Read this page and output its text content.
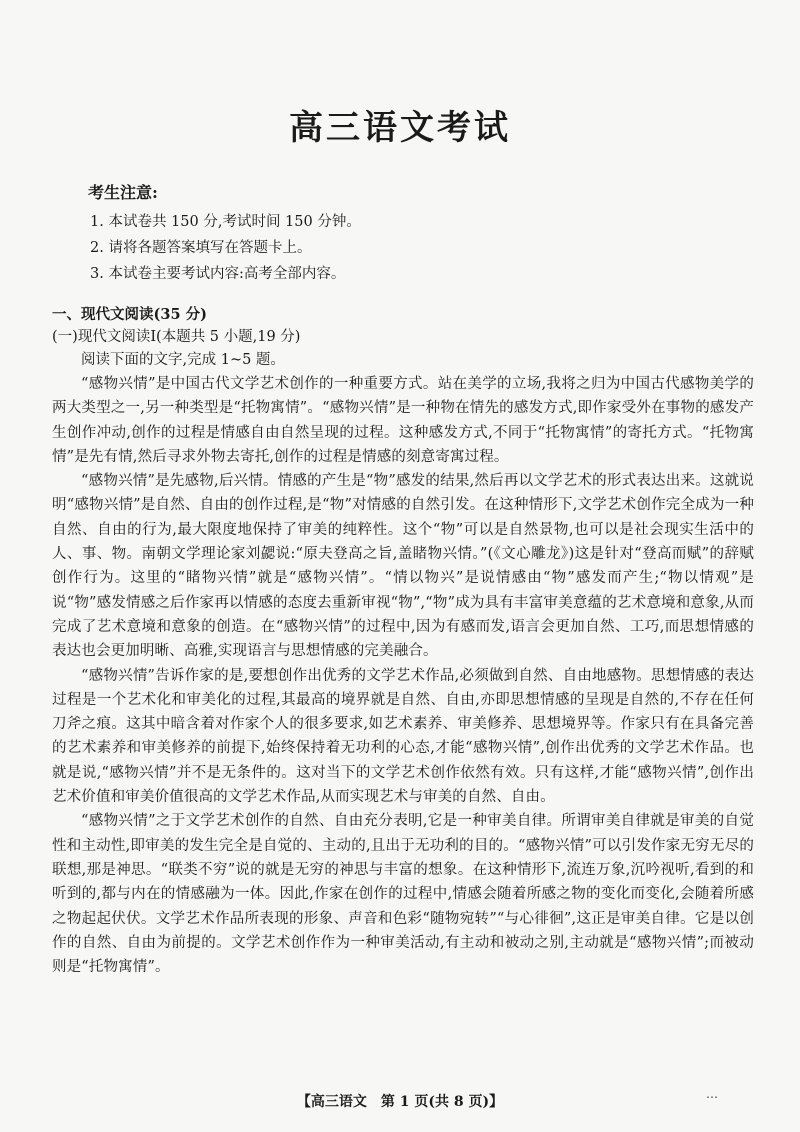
高三语文考试
考生注意:
1. 本试卷共 150 分,考试时间 150 分钟。
2. 请将各题答案填写在答题卡上。
3. 本试卷主要考试内容:高考全部内容。
一、现代文阅读(35 分)
(一)现代文阅读Ⅰ(本题共 5 小题,19 分)
阅读下面的文字,完成 1~5 题。

“感物兴情”是中国古代文学艺术创作的一种重要方式。站在美学的立场,我将之归为中国古代感物美学的两大类型之一,另一种类型是“托物寓情”。“感物兴情”是一种物在情先的感发方式,即作家受外在事物的感发产生创作冲动,创作的过程是情感自由自然呈现的过程。这种感发方式,不同于“托物寓情”的寄托方式。“托物寓情”是先有情,然后寻求外物去寄托,创作的过程是情感的刻意寄寓过程。

“感物兴情”是先感物,后兴情。情感的产生是“物”感发的结果,然后再以文学艺术的形式表达出来。这就说明“感物兴情”是自然、自由的创作过程,是“物”对情感的自然引发。在这种情形下,文学艺术创作完全成为一种自然、自由的行为,最大限度地保持了审美的纯粹性。这个“物”可以是自然景物,也可以是社会现实生活中的人、事、物。南朝文学理论家刘勰说:“原夫登高之旨,盖睹物兴情。”(《文心雕龙》)这是针对“登高而赋”的辞赋创作行为。这里的“睹物兴情”就是“感物兴情”。“情以物兴”是说情感由“物”感发而产生;“物以情观”是说“物”感发情感之后作家再以情感的态度去重新审视“物”,“物”成为具有丰富审美意蕴的艺术意境和意象,从而完成了艺术意境和意象的创造。在“感物兴情”的过程中,因为有感而发,语言会更加自然、工巧,而思想情感的表达也会更加明晰、高雅,实现语言与思想情感的完美融合。

“感物兴情”告诉作家的是,要想创作出优秀的文学艺术作品,必须做到自然、自由地感物。思想情感的表达过程是一个艺术化和审美化的过程,其最高的境界就是自然、自由,亦即思想情感的呈现是自然的,不存在任何刀斧之痕。这其中暗含着对作家个人的很多要求,如艺术素养、审美修养、思想境界等。作家只有在具备完善的艺术素养和审美修养的前提下,始终保持着无功利的心态,才能“感物兴情”,创作出优秀的文学艺术作品。也就是说,“感物兴情”并不是无条件的。这对当下的文学艺术创作依然有效。只有这样,才能“感物兴情”,创作出艺术价值和审美价值很高的文学艺术作品,从而实现艺术与审美的自然、自由。

“感物兴情”之于文学艺术创作的自然、自由充分表明,它是一种审美自律。所谓审美自律就是审美的自觉性和主动性,即审美的发生完全是自觉的、主动的,且出于无功利的目的。“感物兴情”可以引发作家无穷无尽的联想,那是神思。“联类不穷”说的就是无穷的神思与丰富的想象。在这种情形下,流连万象,沉吟视听,看到的和听到的,都与内在的情感融为一体。因此,作家在创作的过程中,情感会随着所感之物的变化而变化,会随着所感之物起起伏伏。文学艺术作品所表现的形象、声音和色彩“随物宛转”“与心徘徊”,这正是审美自律。它是以创作的自然、自由为前提的。文学艺术创作作为一种审美活动,有主动和被动之别,主动就是“感物兴情”;而被动则是“托物寓情”。

【高三语文　第 1 页(共 8 页)】	…
